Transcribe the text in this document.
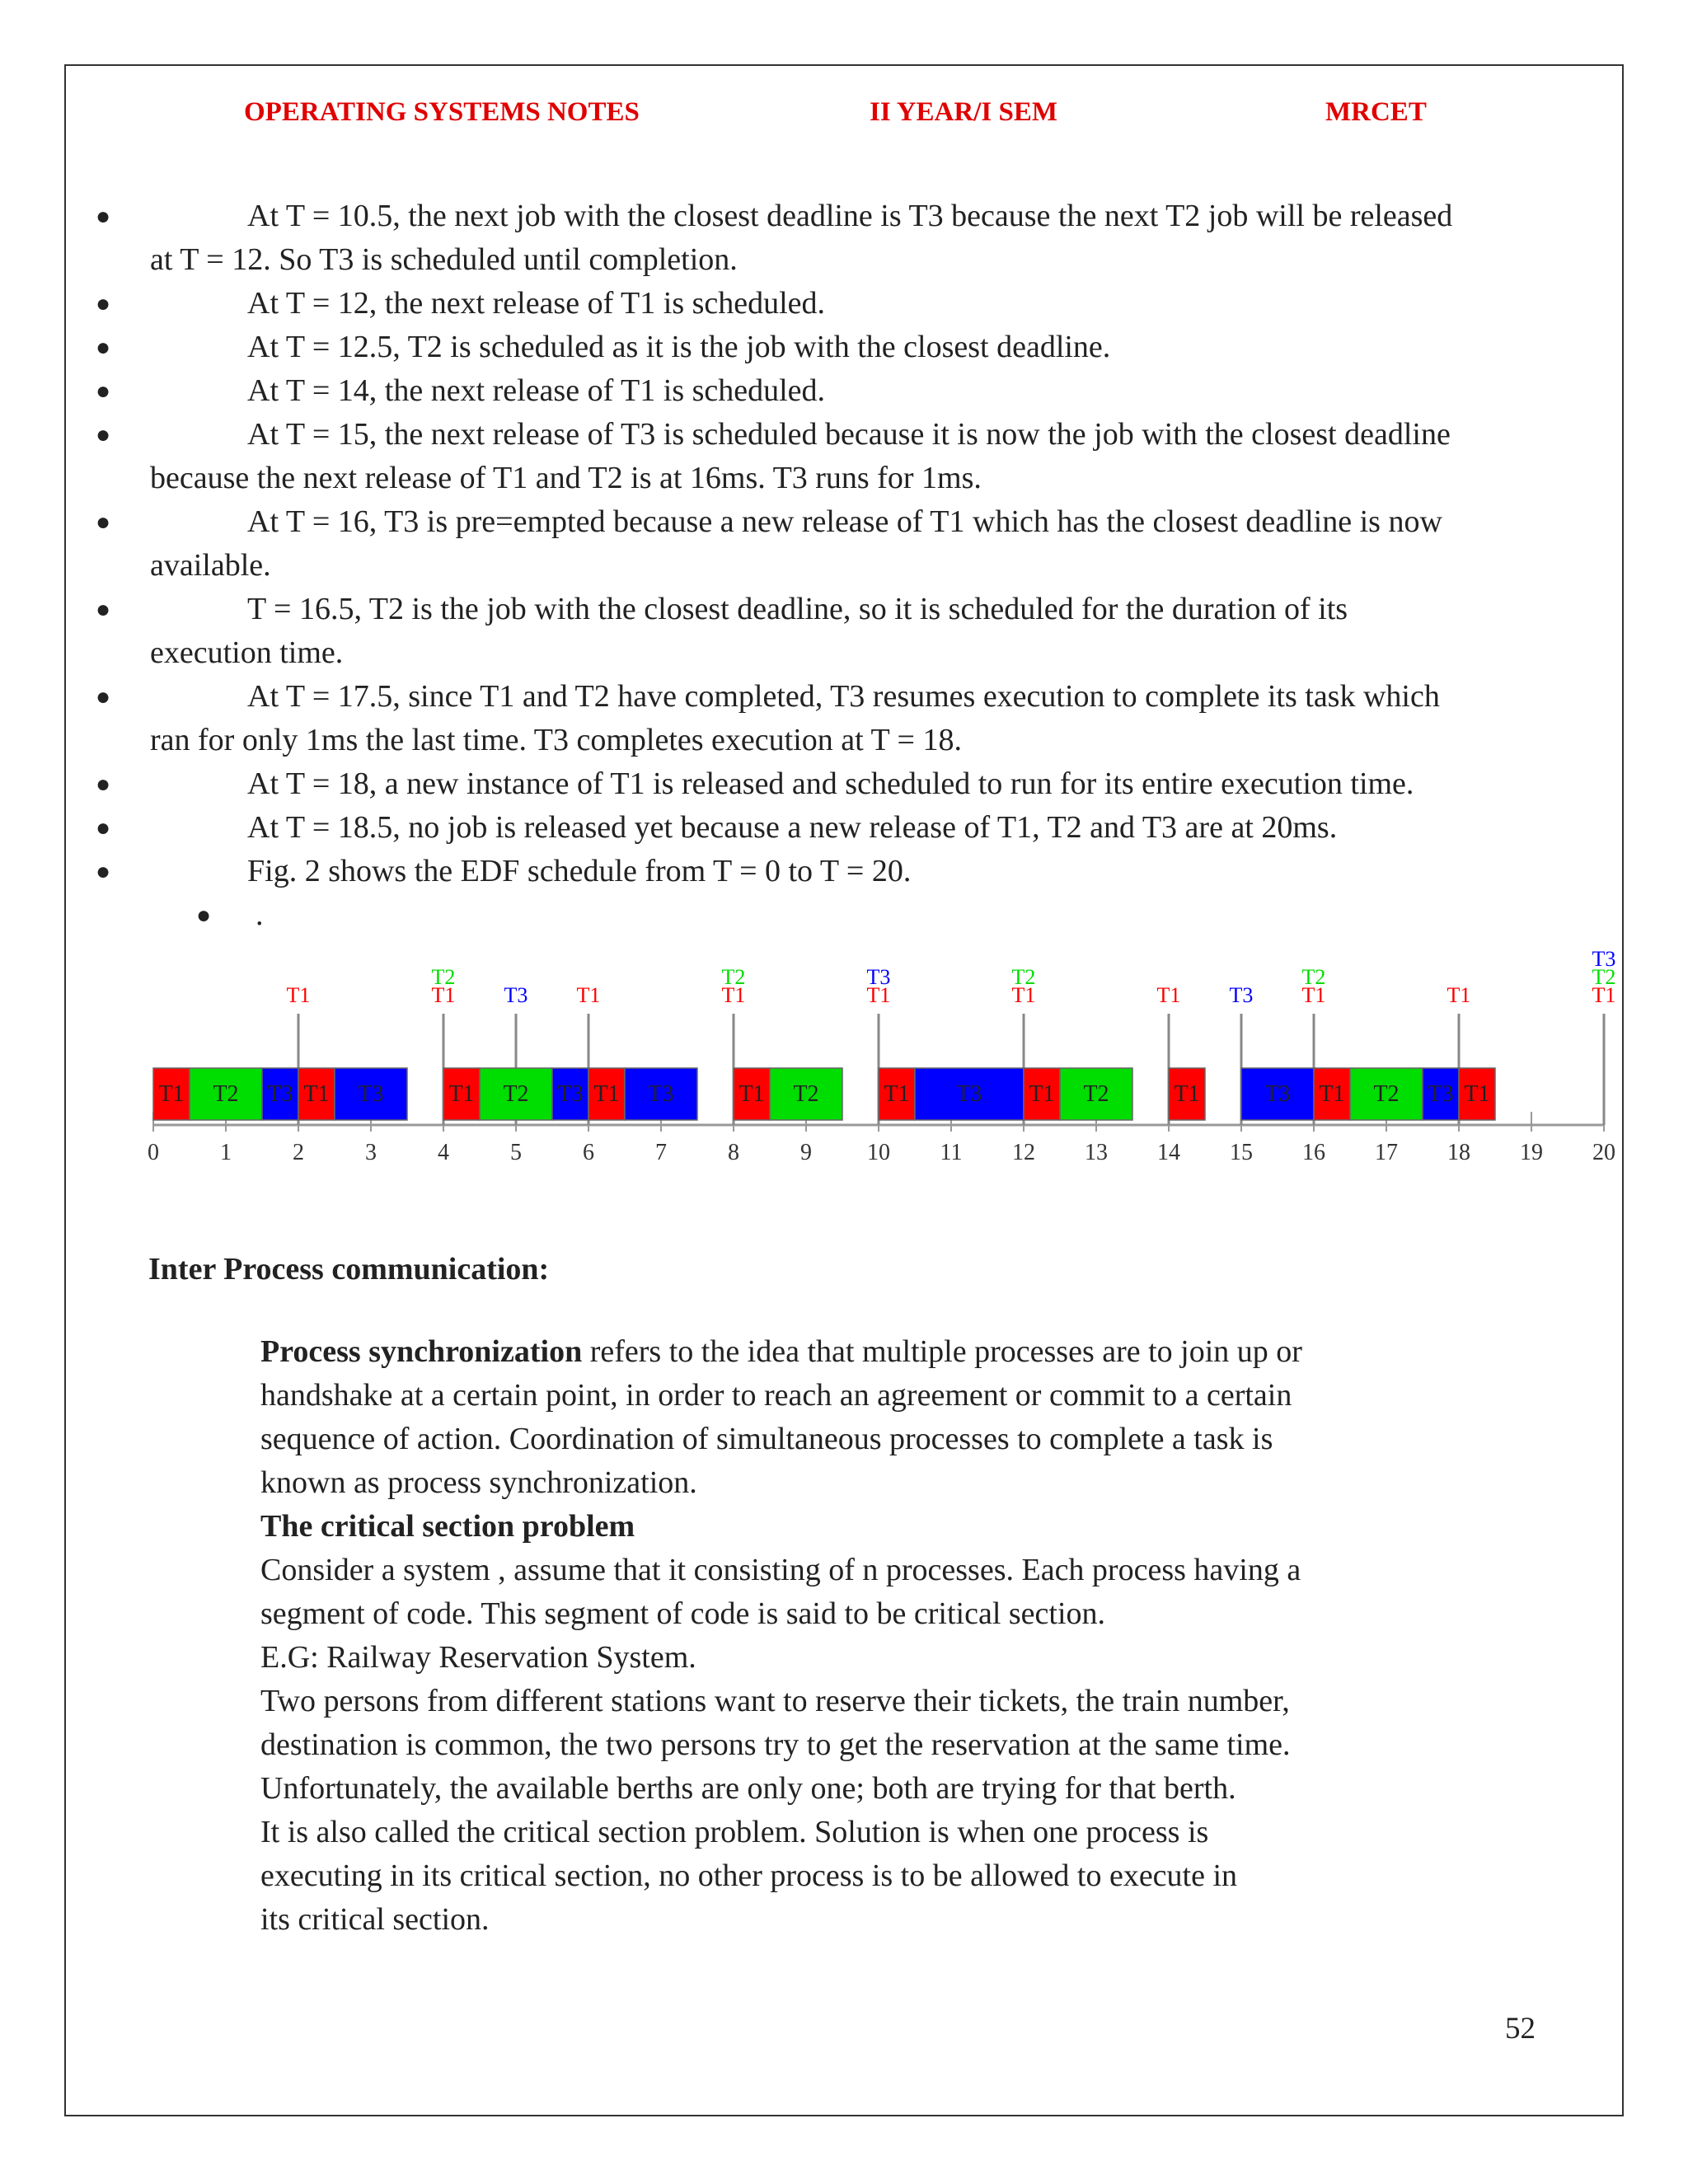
OPERATING SYSTEMS NOTES	II YEAR/I SEM	MRCET
●	At T = 10.5, the next job with the closest deadline is T3 because the next T2 job will be released
at T = 12. So T3 is scheduled until completion.
●	At T = 12, the next release of T1 is scheduled.
●	At T = 12.5, T2 is scheduled as it is the job with the closest deadline.
●	At T = 14, the next release of T1 is scheduled.
●	At T = 15, the next release of T3 is scheduled because it is now the job with the closest deadline
because the next release of T1 and T2 is at 16ms. T3 runs for 1ms.
●	At T = 16, T3 is pre=empted because a new release of T1 which has the closest deadline is now
available.
●	T = 16.5, T2 is the job with the closest deadline, so it is scheduled for the duration of its
execution time.
●	At T = 17.5, since T1 and T2 have completed, T3 resumes execution to complete its task which
ran for only 1ms the last time. T3 completes execution at T = 18.
●	At T = 18, a new instance of T1 is released and scheduled to run for its entire execution time.
●	At T = 18.5, no job is released yet because a new release of T1, T2 and T3 are at 20ms.
●	Fig. 2 shows the EDF schedule from T = 0 to T = 20.
● .
0	1	2	3	4	5	6	7	8	9 10 11 12 13 14 15 16 17 18 19 20
T1
T2
T1 T3 T1
T2
T1
T3
T1
T2
T1	T1 T3
T2
T1	T1
T3
T2
T1
T1 T2 T3 T1 T3	T1 T2 T3 T1 T3	T1 T2	T1 T3 T1 T2	T1	T3 T1 T2 T3 T1
Inter Process communication:

Process synchronization refers to the idea that multiple processes are to join up or
handshake at a certain point, in order to reach an agreement or commit to a certain
sequence of action. Coordination of simultaneous processes to complete a task is
known as process synchronization.

The critical section problem

Consider a system , assume that it consisting of n processes. Each process having a
segment of code. This segment of code is said to be critical section.
E.G: Railway Reservation System.
Two persons from different stations want to reserve their tickets, the train number,
destination is common, the two persons try to get the reservation at the same time.
Unfortunately, the available berths are only one; both are trying for that berth.
It is also called the critical section problem. Solution is when one process is
executing in its critical section, no other process is to be allowed to execute in
its critical section.

52
